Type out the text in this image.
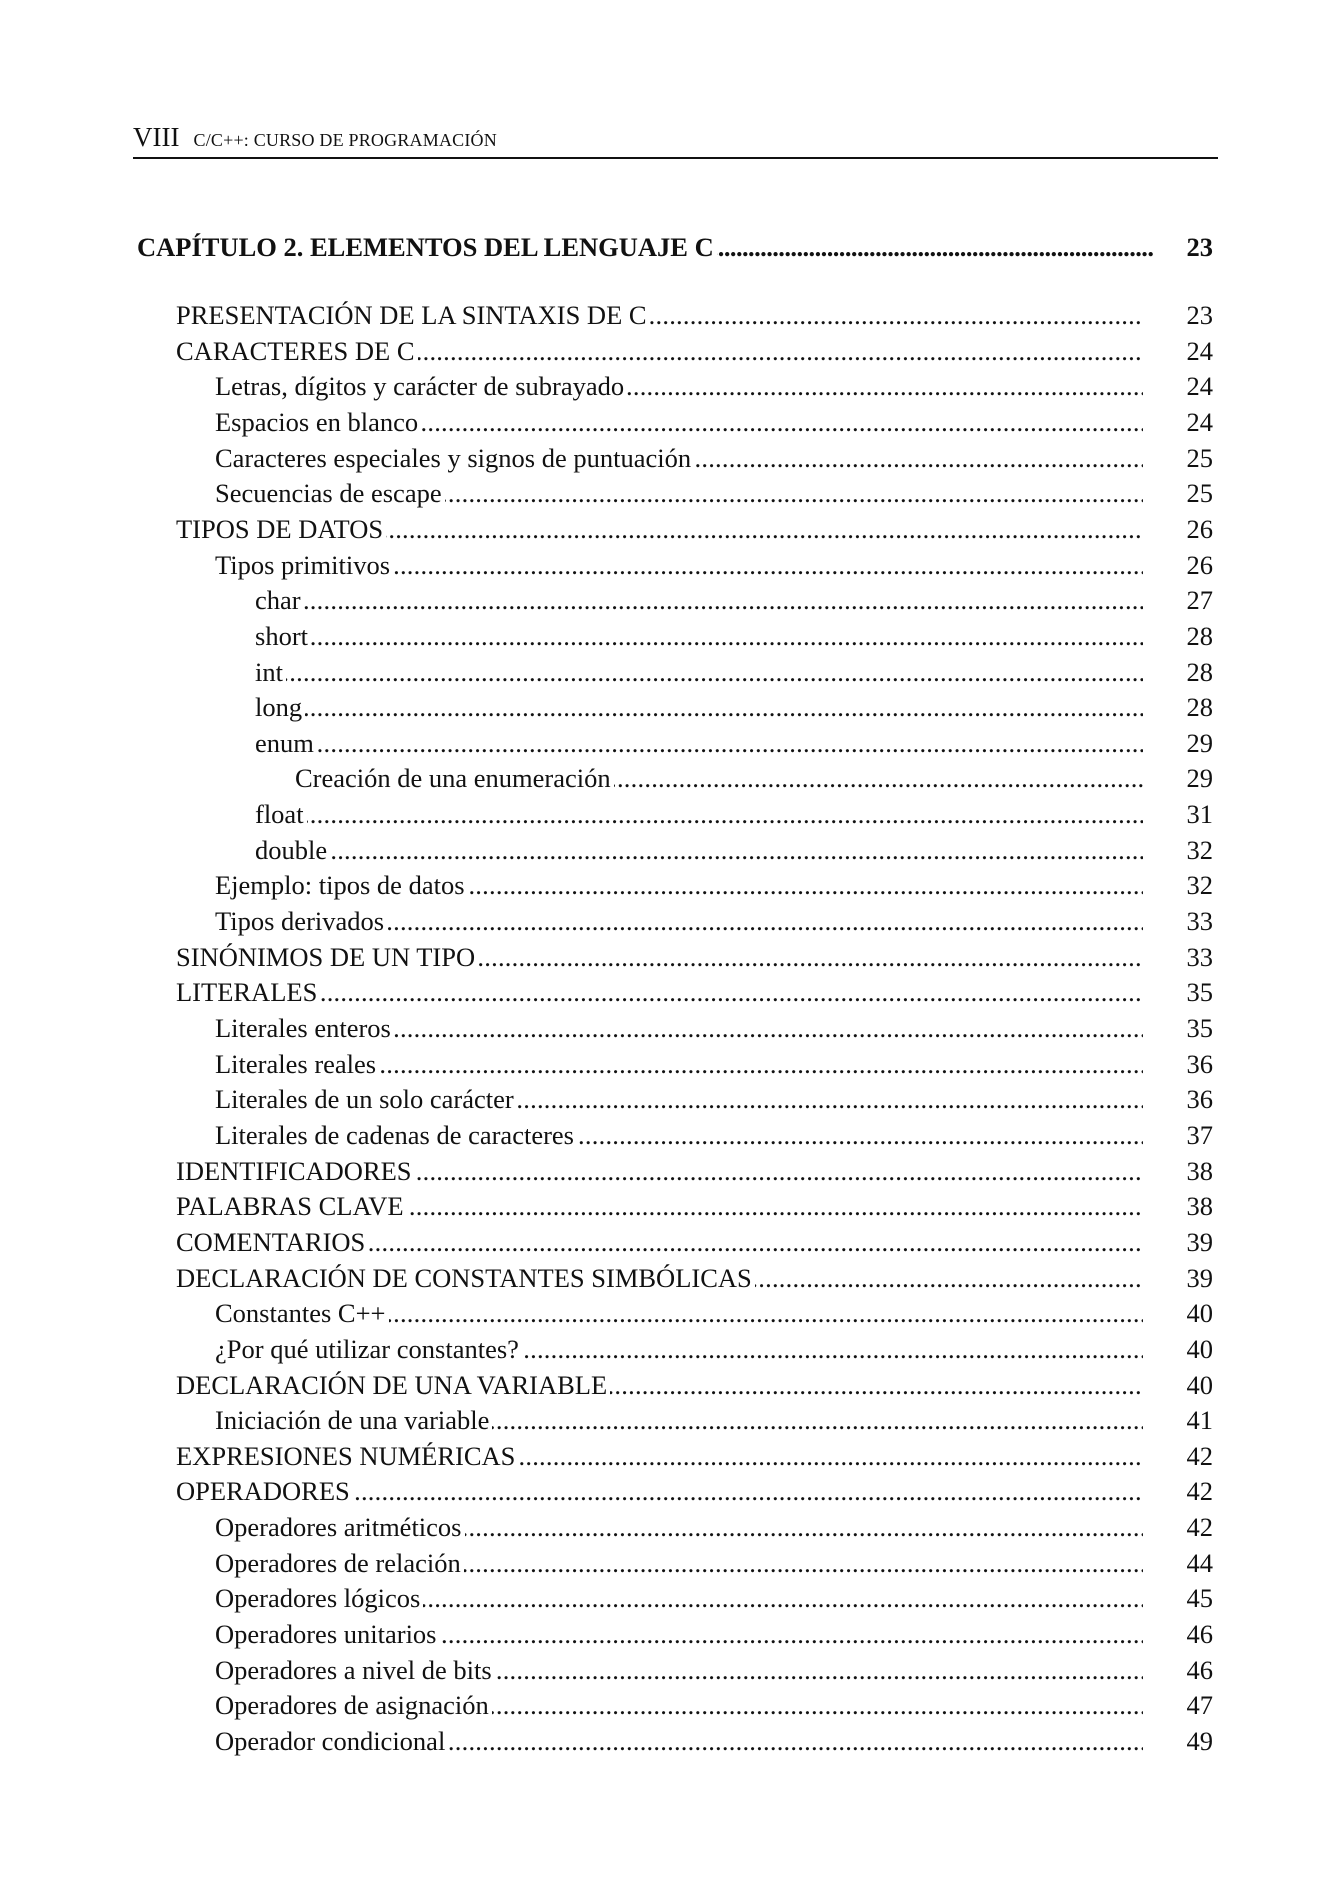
VIII C/C++: CURSO DE PROGRAMACIÓN
. . .
CAPÍTULO 2. ELEMENTOS DEL LENGUAJE C	23
. . .
PRESENTACIÓN DE LA SINTAXIS DE C	23
. . .
CARACTERES DE C	24
. . .
Letras, dígitos y carácter de subrayado	24
. . .
Espacios en blanco	24
. . .
Caracteres especiales y signos de puntuación	25
. . .
Secuencias de escape	25
. . .
TIPOS DE DATOS	26
. . .
Tipos primitivos	26
. . .
char	27
. . .
short	28
. . .
int	28
. . .
long	28
. . .
enum	29
. . .
Creación de una enumeración	29
. . .
float	31
. . .
double	32
. . .
Ejemplo: tipos de datos	32
. . .
Tipos derivados	33
. . .
SINÓNIMOS DE UN TIPO	33
. . .
LITERALES	35
. . .
Literales enteros	35
. . .
Literales reales	36
. . .
Literales de un solo carácter	36
. . .
Literales de cadenas de caracteres	37
. . .
IDENTIFICADORES	38
. . .
PALABRAS CLAVE	38
. . .
COMENTARIOS	39
. . .
DECLARACIÓN DE CONSTANTES SIMBÓLICAS	39
. . .
Constantes C++	40
. . .
¿Por qué utilizar constantes?	40
. . .
DECLARACIÓN DE UNA VARIABLE	40
. . .
Iniciación de una variable	41
. . .
EXPRESIONES NUMÉRICAS	42
. . .
OPERADORES	42
. . .
Operadores aritméticos	42
. . .
Operadores de relación	44
. . .
Operadores lógicos	45
. . .
Operadores unitarios	46
. . .
Operadores a nivel de bits	46
. . .
Operadores de asignación	47
. . .
Operador condicional	49
